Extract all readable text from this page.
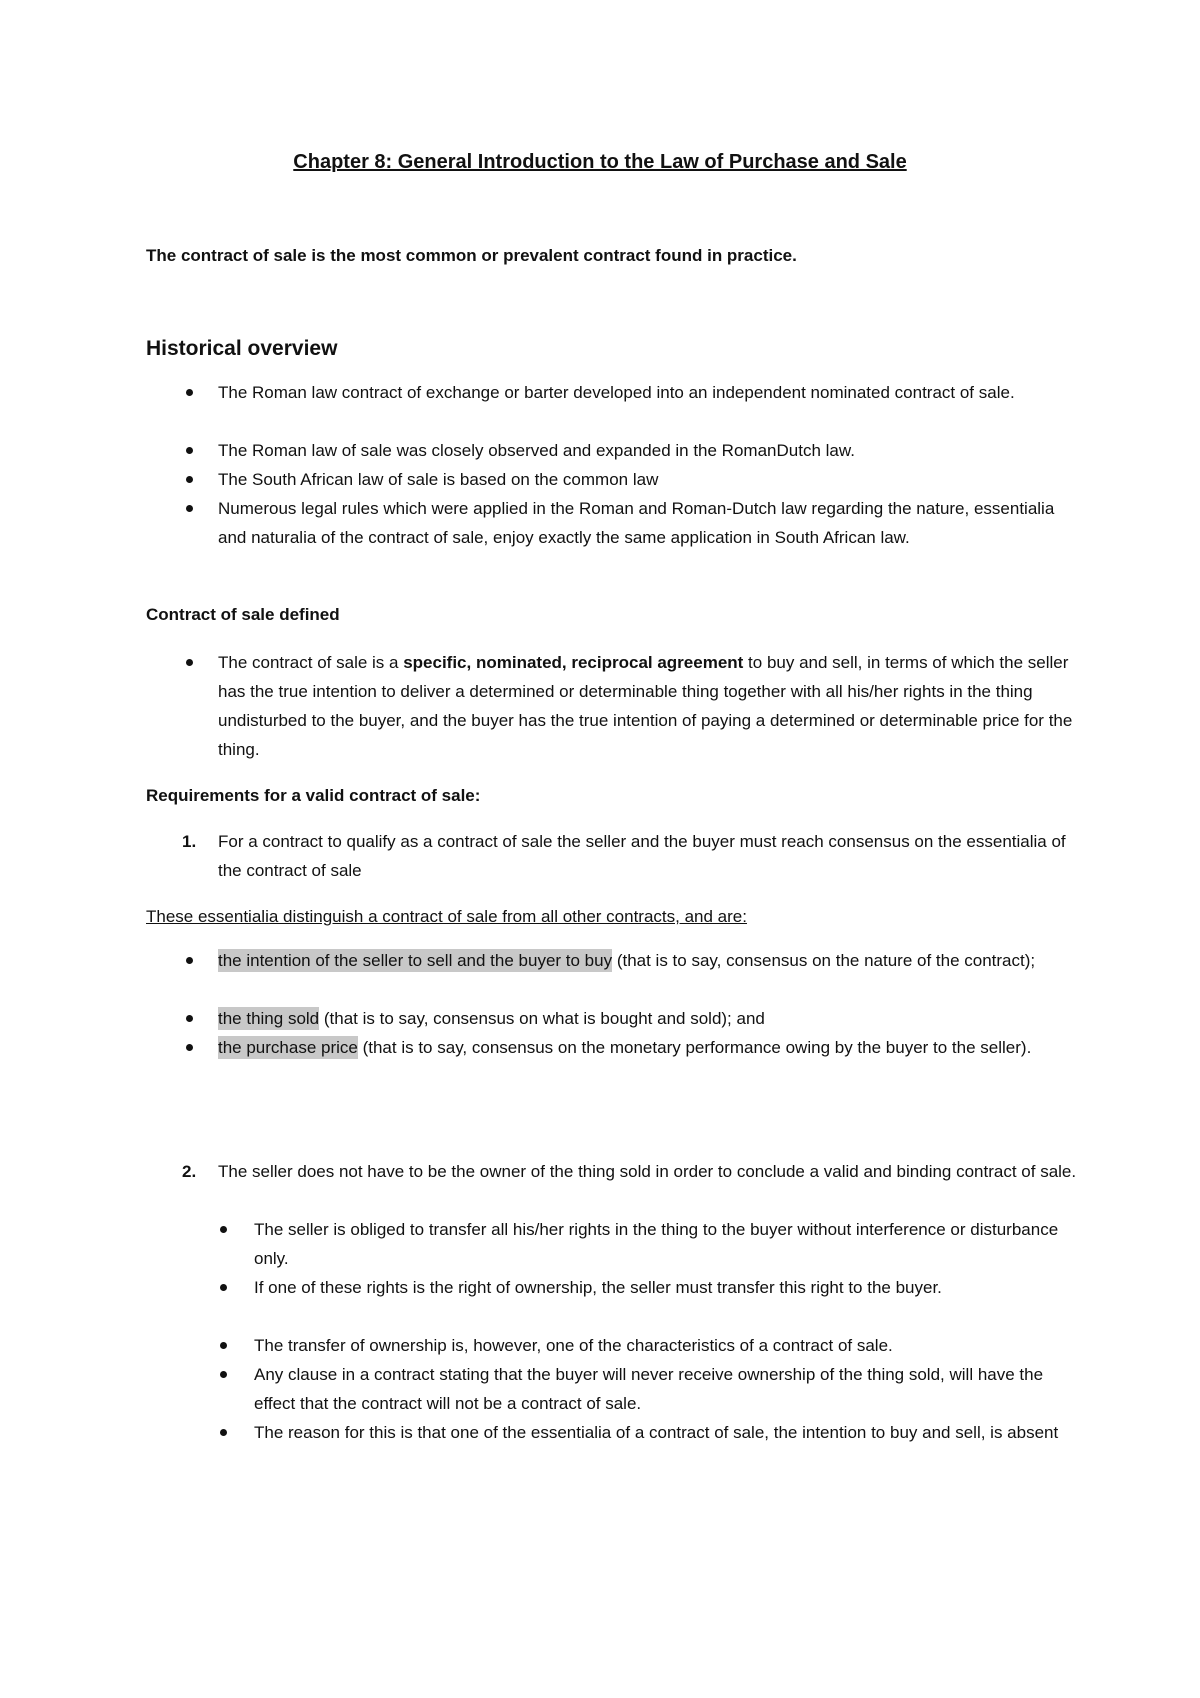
Chapter 8: General Introduction to the Law of Purchase and Sale
The contract of sale is the most common or prevalent contract found in practice.
Historical overview
The Roman law contract of exchange or barter developed into an independent nominated contract of sale.
The Roman law of sale was closely observed and expanded in the RomanDutch law.
The South African law of sale is based on the common law
Numerous legal rules which were applied in the Roman and Roman-Dutch law regarding the nature, essentialia and naturalia of the contract of sale, enjoy exactly the same application in South African law.
Contract of sale defined
The contract of sale is a specific, nominated, reciprocal agreement to buy and sell, in terms of which the seller has the true intention to deliver a determined or determinable thing together with all his/her rights in the thing undisturbed to the buyer, and the buyer has the true intention of paying a determined or determinable price for the thing.
Requirements for a valid contract of sale:
1. For a contract to qualify as a contract of sale the seller and the buyer must reach consensus on the essentialia of the contract of sale
These essentialia distinguish a contract of sale from all other contracts, and are:
the intention of the seller to sell and the buyer to buy (that is to say, consensus on the nature of the contract);
the thing sold (that is to say, consensus on what is bought and sold); and
the purchase price (that is to say, consensus on the monetary performance owing by the buyer to the seller).
2. The seller does not have to be the owner of the thing sold in order to conclude a valid and binding contract of sale.
The seller is obliged to transfer all his/her rights in the thing to the buyer without interference or disturbance only.
If one of these rights is the right of ownership, the seller must transfer this right to the buyer.
The transfer of ownership is, however, one of the characteristics of a contract of sale.
Any clause in a contract stating that the buyer will never receive ownership of the thing sold, will have the effect that the contract will not be a contract of sale.
The reason for this is that one of the essentialia of a contract of sale, the intention to buy and sell, is absent
